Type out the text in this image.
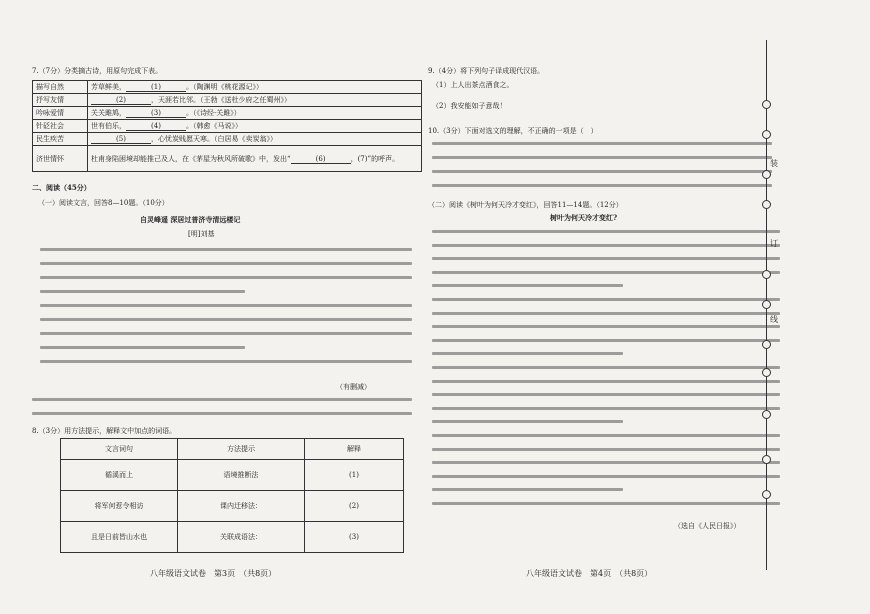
7.（7分）分类摘古诗，用原句完成下表。
描写自然	芳草鲜美， (1) 。（陶渊明《桃花源记》）
抒写友情	(2) ，天涯若比邻。（王勃《送杜少府之任蜀州》）
吟咏爱情	关关雎鸠， (3) 。（《诗经·关雎》）
针砭社会	世有伯乐， (4) 。（韩愈《马说》）
民生疾苦	(5) ，心忧炭贱愿天寒。（白居易《卖炭翁》）
济世情怀	杜甫身陷困境却能推己及人，在《茅屋为秋风所破歌》中，发出“ (6) ，(7)”的呼声。
二、阅读（45分）
（一）阅读文言，回答8—10题。（10分）
自灵峰遥 深居过普济寺清远楼记
[明]刘基
（有删减）
8.（3分）用方法提示，解释文中加点的词语。
文言词句	方法提示	解释
循溪而上	语境推断法	(1)
将军何惹令相访	课内迁移法：	(2)
且是日前皆山水也	关联成语法：	(3)
八年级语文试卷　第3页　（共8页）
9.（4分）将下列句子译成现代汉语。
（1）上人出茶点酒食之。
（2）我安能如子意哉！
10.（3分）下面对选文的理解，不正确的一项是（　）
（二）阅读《树叶为何天冷才变红》，回答11—14题。（12分）
树叶为何天冷才变红?
（选自《人民日报》）
八年级语文试卷　第4页　（共8页）
装
订
线
